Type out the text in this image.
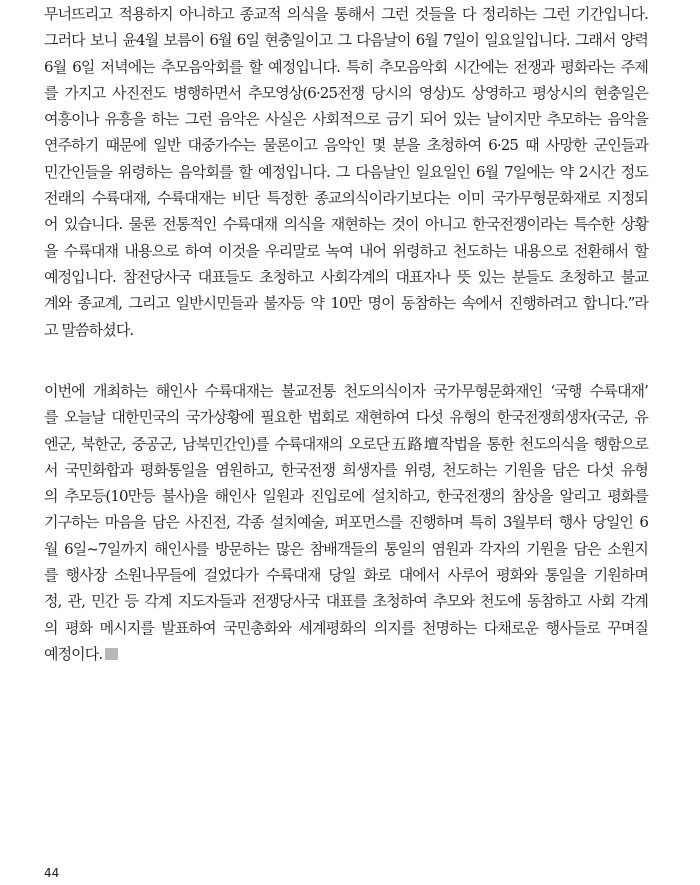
무너뜨리고 적용하지 아니하고 종교적 의식을 통해서 그런 것들을 다 정리하는 그런 기간입니다.
그러다 보니 윤4월 보름이 6월 6일 현충일이고 그 다음날이 6월 7일이 일요일입니다. 그래서 양력
6월 6일 저녁에는 추모음악회를 할 예정입니다. 특히 추모음악회 시간에는 전쟁과 평화라는 주제
를 가지고 사진전도 병행하면서 추모영상(6·25전쟁 당시의 영상)도 상영하고 평상시의 현충일은
여흥이나 유흥을 하는 그런 음악은 사실은 사회적으로 금기 되어 있는 날이지만 추모하는 음악을
연주하기 때문에 일반 대중가수는 물론이고 음악인 몇 분을 초청하여 6·25 때 사망한 군인들과
민간인들을 위령하는 음악회를 할 예정입니다. 그 다음날인 일요일인 6월 7일에는 약 2시간 정도
전래의 수륙대재, 수륙대재는 비단 특정한 종교의식이라기보다는 이미 국가무형문화재로 지정되
어 있습니다. 물론 전통적인 수륙대재 의식을 재현하는 것이 아니고 한국전쟁이라는 특수한 상황
을 수륙대재 내용으로 하여 이것을 우리말로 녹여 내어 위령하고 천도하는 내용으로 전환해서 할
예정입니다. 참전당사국 대표들도 초청하고 사회각계의 대표자나 뜻 있는 분들도 초청하고 불교
계와 종교계, 그리고 일반시민들과 불자등 약 10만 명이 동참하는 속에서 진행하려고 합니다.”라
고 말씀하셨다.
이번에 개최하는 해인사 수륙대재는 불교전통 천도의식이자 국가무형문화재인 ‘국행 수륙대재’
를 오늘날 대한민국의 국가상황에 필요한 법회로 재현하여 다섯 유형의 한국전쟁희생자(국군, 유
엔군, 북한군, 중공군, 남북민간인)를 수륙대재의 오로단五路壇작법을 통한 천도의식을 행함으로
서 국민화합과 평화통일을 염원하고, 한국전쟁 희생자를 위령, 천도하는 기원을 담은 다섯 유형
의 추모등(10만등 불사)을 해인사 일원과 진입로에 설치하고, 한국전쟁의 참상을 알리고 평화를
기구하는 마음을 담은 사진전, 각종 설치예술, 퍼포먼스를 진행하며 특히 3월부터 행사 당일인 6
월 6일~7일까지 해인사를 방문하는 많은 참배객들의 통일의 염원과 각자의 기원을 담은 소원지
를 행사장 소원나무들에 걸었다가 수륙대재 당일 화로 대에서 사루어 평화와 통일을 기원하며
정, 관, 민간 등 각계 지도자들과 전쟁당사국 대표를 초청하여 추모와 천도에 동참하고 사회 각계
의 평화 메시지를 발표하여 국민총화와 세계평화의 의지를 천명하는 다채로운 행사들로 꾸며질
예정이다.
44
